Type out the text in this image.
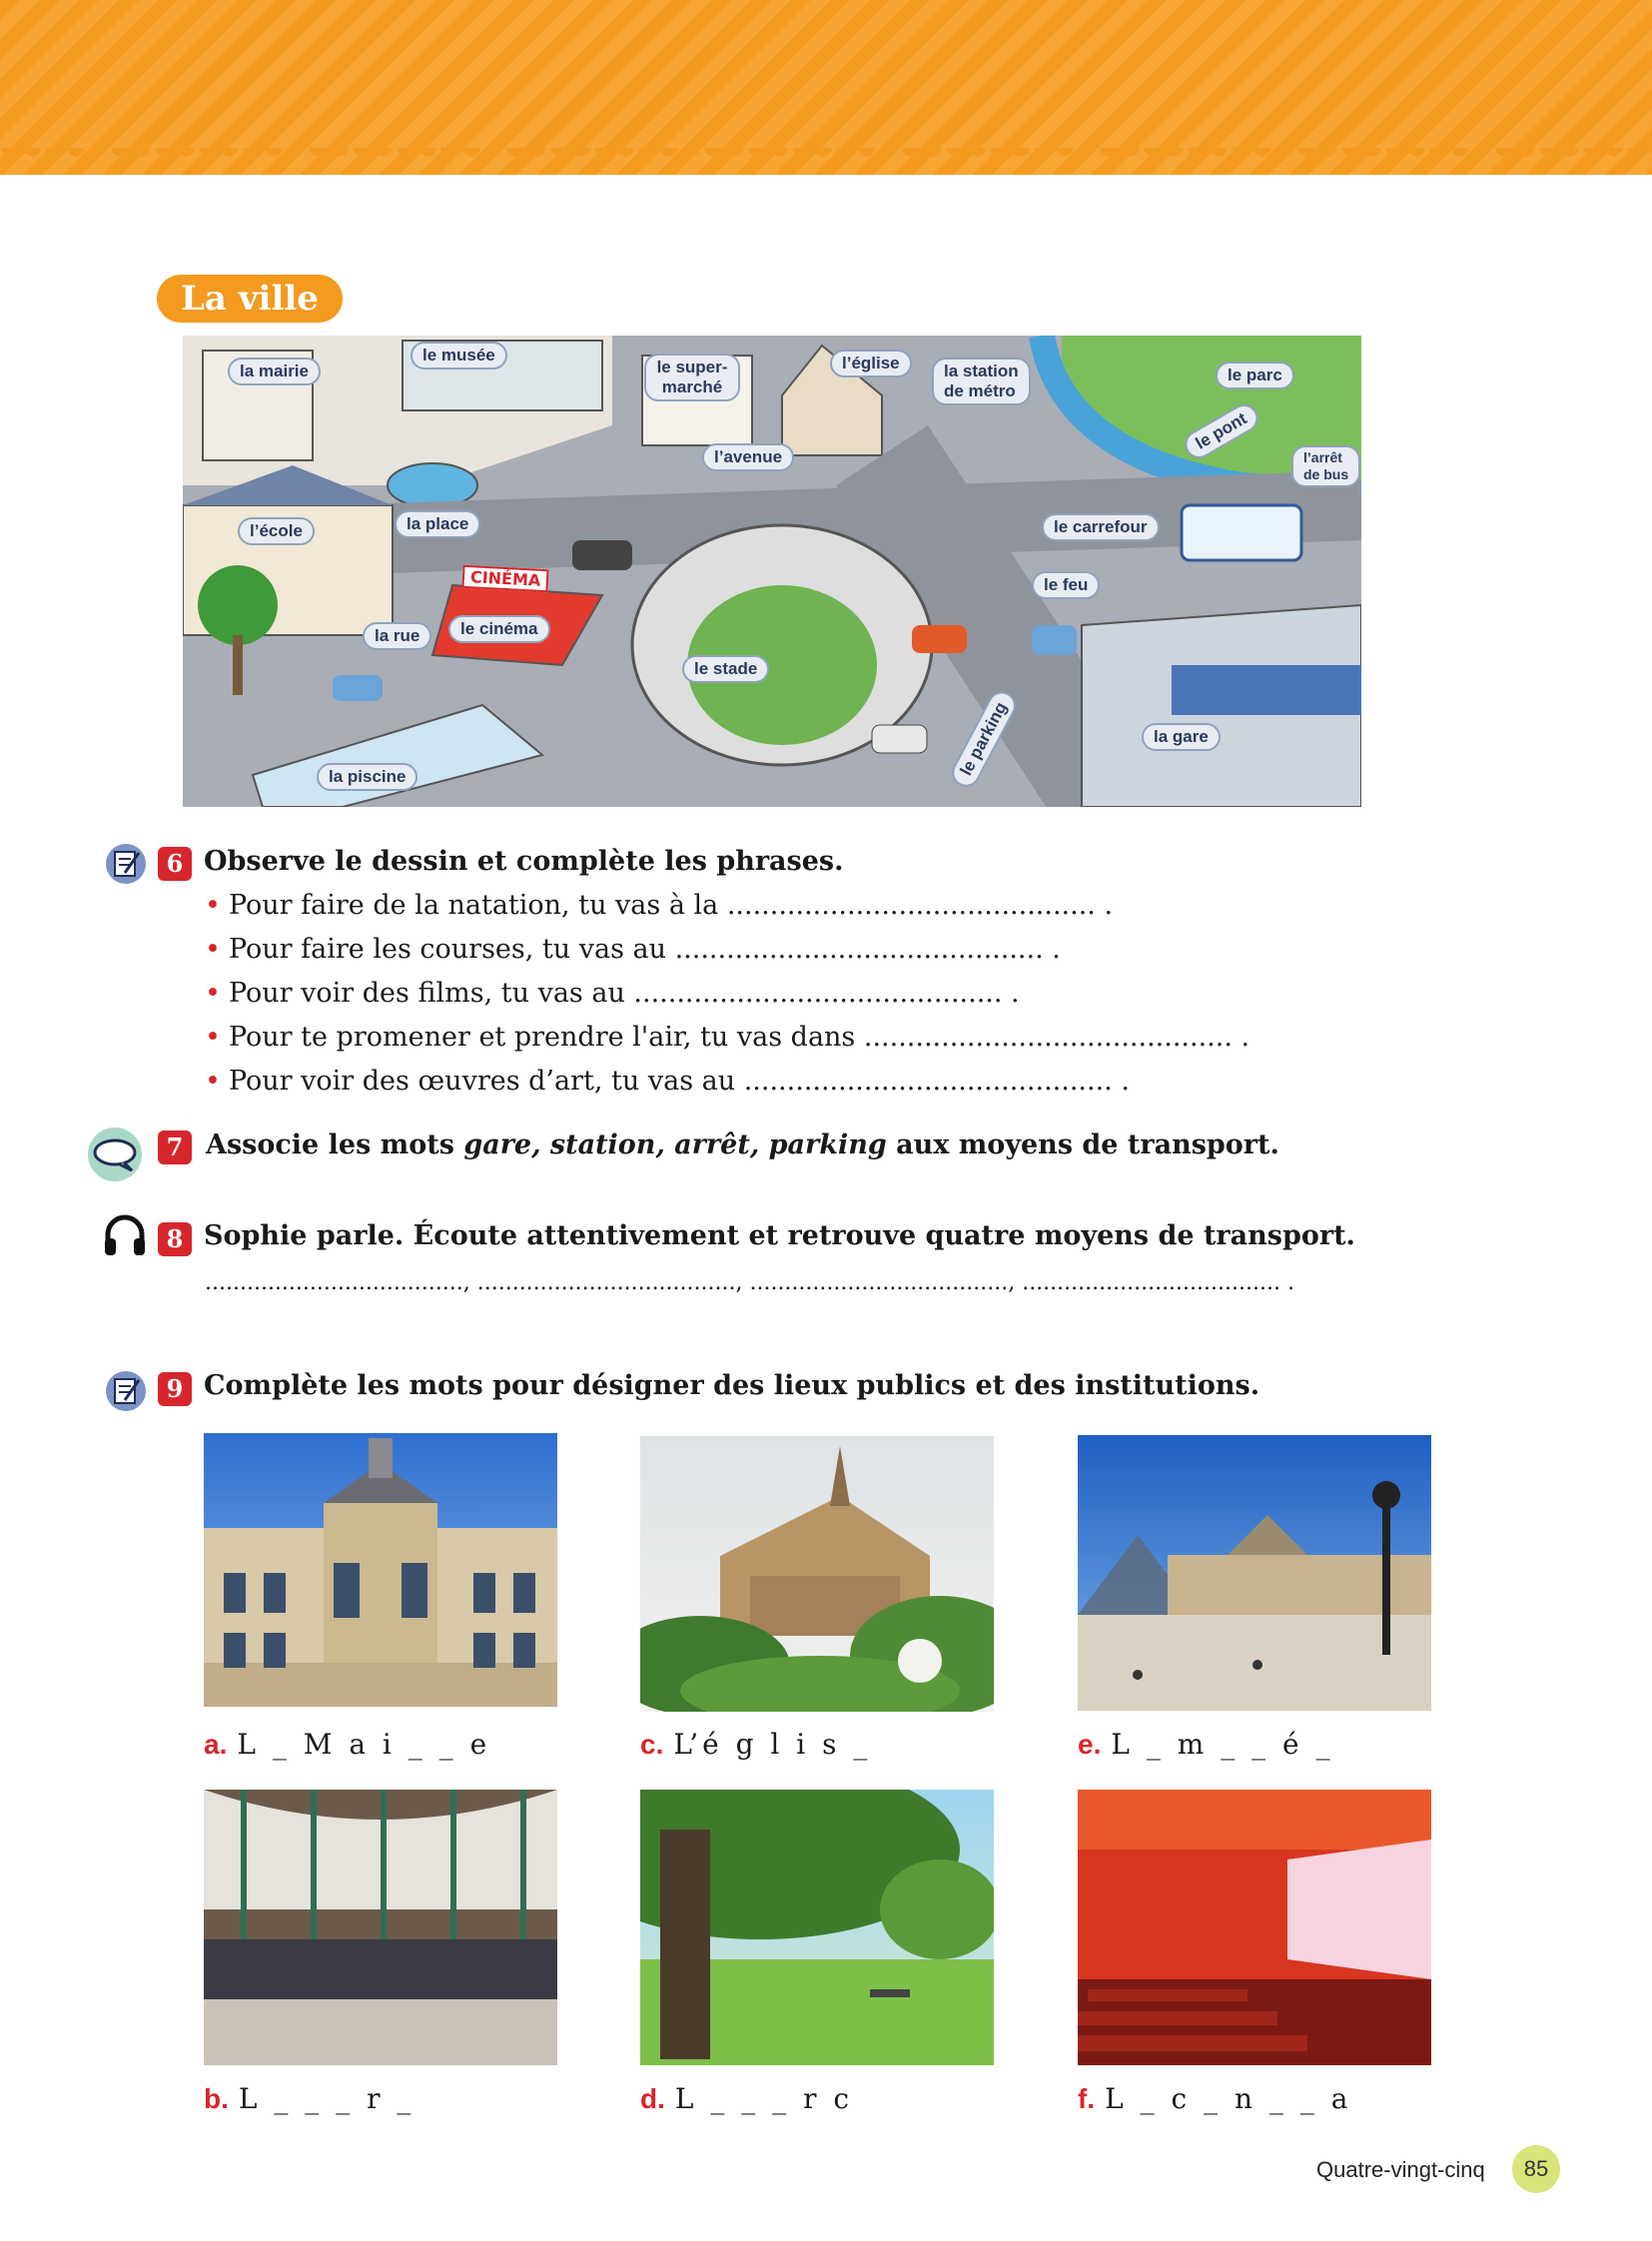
La ville
la mairie
le musée
le super-
marché
l’église	la station
de métro
le parc
le pont
l’arrêt
de bus
l’avenue
l’école	la place	le carrefour
le feu
CINÉMA
le cinéma
la rue
le stade
la piscine	le parking	la gare
6 Observe le dessin et complète les phrases.
• Pour faire de la natation, tu vas à la ........................................... .
• Pour faire les courses, tu vas au ........................................... .
• Pour voir des films, tu vas au ........................................... .
• Pour te promener et prendre l'air, tu vas dans ........................................... .
• Pour voir des œuvres d’art, tu vas au ........................................... .
7 Associe les mots gare, station, arrêt, parking aux moyens de transport.
8 Sophie parle. Écoute attentivement et retrouve quatre moyens de transport.
....................................., ....................................., ....................................., ..................................... .
9 Complète les mots pour désigner des lieux publics et des institutions.
a. L _ M a i _ _ e	c. L’é g l i s _	e. L _ m _ _ é _
b. L _ _ _ r _	d. L _ _ _ r c	f. L _ c _ n _ _ a
Quatre-vingt-cinq	85
